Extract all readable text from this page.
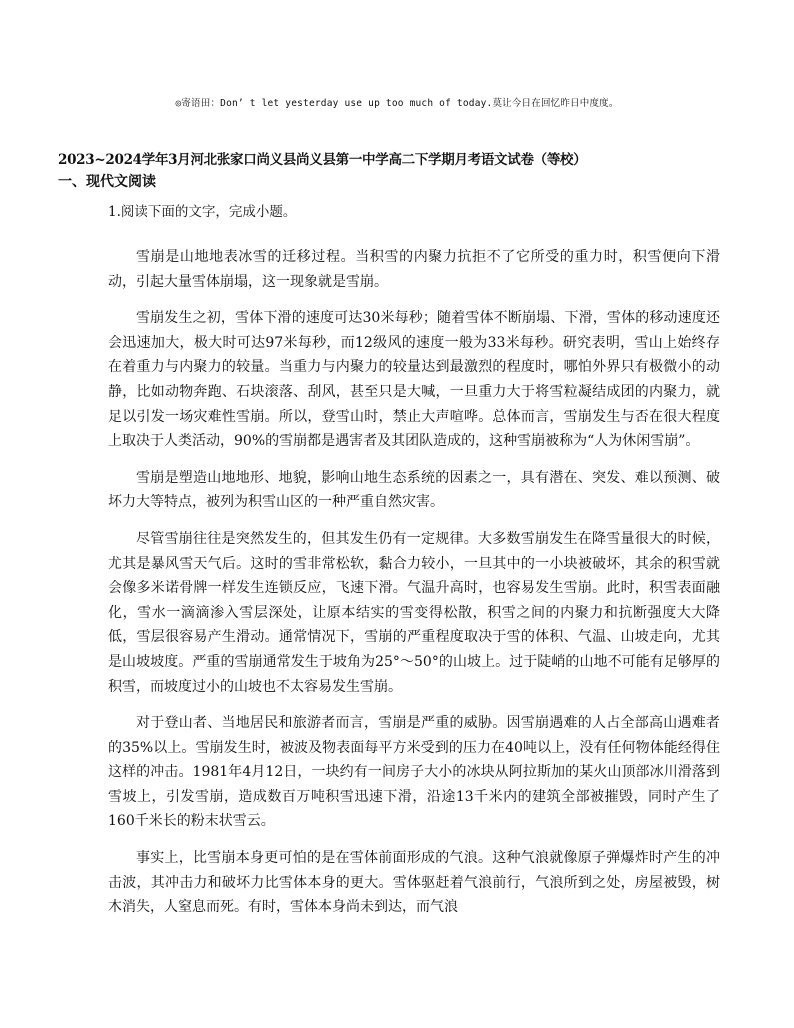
◎寄语田：Don’ t let yesterday use up too much of today.莫让今日在回忆昨日中度度。
2023~2024学年3月河北张家口尚义县尚义县第一中学高二下学期月考语文试卷（等校）
一、现代文阅读

1.阅读下面的文字，完成小题。

雪崩是山地地表冰雪的迁移过程。当积雪的内聚力抗拒不了它所受的重力时，积雪便向下滑动，引起大量雪体崩塌，这一现象就是雪崩。

雪崩发生之初，雪体下滑的速度可达30米每秒；随着雪体不断崩塌、下滑，雪体的移动速度还会迅速加大，极大时可达97米每秒，而12级风的速度一般为33米每秒。研究表明，雪山上始终存在着重力与内聚力的较量。当重力与内聚力的较量达到最激烈的程度时，哪怕外界只有极微小的动静，比如动物奔跑、石块滚落、刮风，甚至只是大喊，一旦重力大于将雪粒凝结成团的内聚力，就足以引发一场灾难性雪崩。所以，登雪山时，禁止大声喧哗。总体而言，雪崩发生与否在很大程度上取决于人类活动，90%的雪崩都是遇害者及其团队造成的，这种雪崩被称为“人为休闲雪崩”。

雪崩是塑造山地地形、地貌，影响山地生态系统的因素之一，具有潜在、突发、难以预测、破坏力大等特点，被列为积雪山区的一种严重自然灾害。

尽管雪崩往往是突然发生的，但其发生仍有一定规律。大多数雪崩发生在降雪量很大的时候，尤其是暴风雪天气后。这时的雪非常松软，黏合力较小，一旦其中的一小块被破坏，其余的积雪就会像多米诺骨牌一样发生连锁反应，飞速下滑。气温升高时，也容易发生雪崩。此时，积雪表面融化，雪水一滴滴渗入雪层深处，让原本结实的雪变得松散，积雪之间的内聚力和抗断强度大大降低，雪层很容易产生滑动。通常情况下，雪崩的严重程度取决于雪的体积、气温、山坡走向，尤其是山坡坡度。严重的雪崩通常发生于坡角为25°～50°的山坡上。过于陡峭的山地不可能有足够厚的积雪，而坡度过小的山坡也不太容易发生雪崩。

对于登山者、当地居民和旅游者而言，雪崩是严重的威胁。因雪崩遇难的人占全部高山遇难者的35%以上。雪崩发生时，被波及物表面每平方米受到的压力在40吨以上，没有任何物体能经得住这样的冲击。1981年4月12日，一块约有一间房子大小的冰块从阿拉斯加的某火山顶部冰川滑落到雪坡上，引发雪崩，造成数百万吨积雪迅速下滑，沿途13千米内的建筑全部被摧毁，同时产生了160千米长的粉末状雪云。

事实上，比雪崩本身更可怕的是在雪体前面形成的气浪。这种气浪就像原子弹爆炸时产生的冲击波，其冲击力和破坏力比雪体本身的更大。雪体驱赶着气浪前行，气浪所到之处，房屋被毁，树木消失，人窒息而死。有时，雪体本身尚未到达，而气浪
